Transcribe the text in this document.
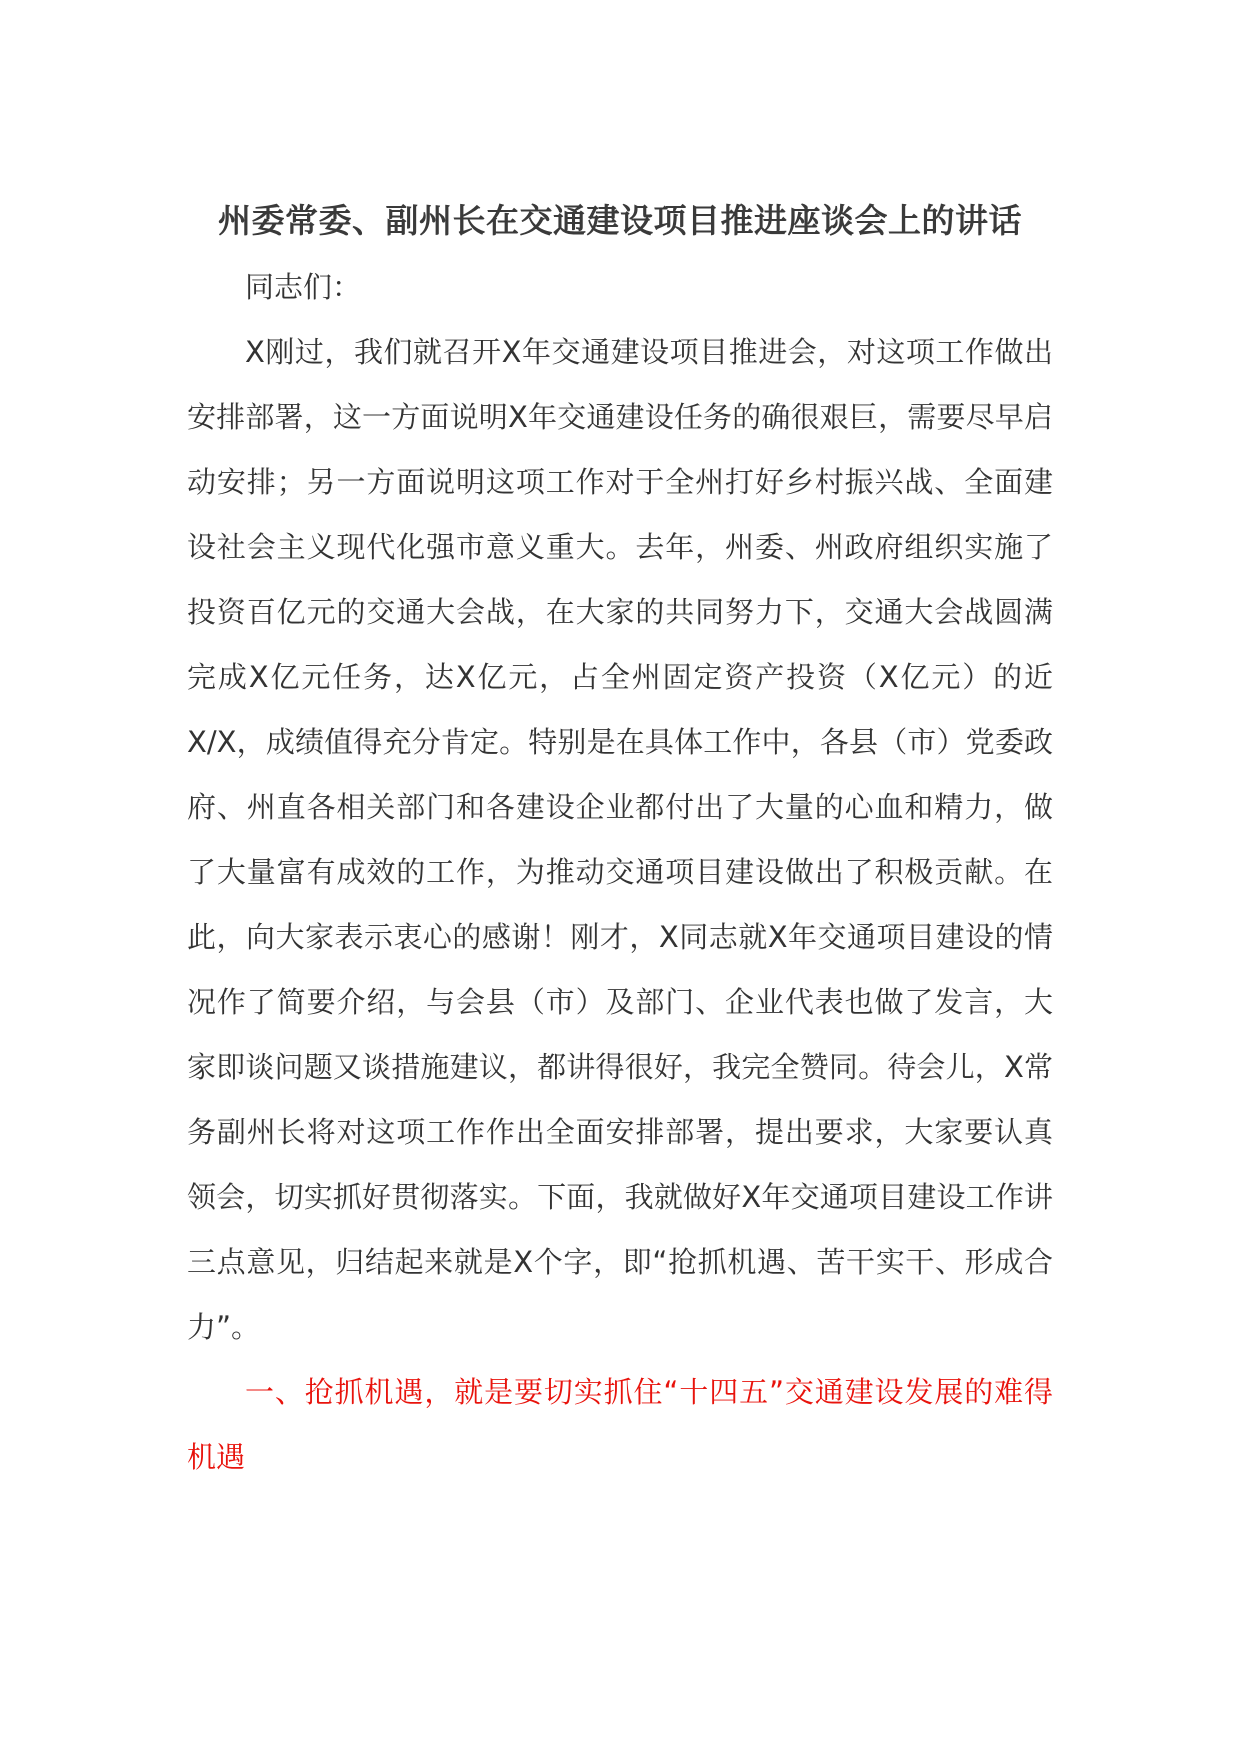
州委常委、副州长在交通建设项目推进座谈会上的讲话

同志们：

X刚过，我们就召开X年交通建设项目推进会，对这项工作做出安排部署，这一方面说明X年交通建设任务的确很艰巨，需要尽早启动安排；另一方面说明这项工作对于全州打好乡村振兴战、全面建设社会主义现代化强市意义重大。去年，州委、州政府组织实施了投资百亿元的交通大会战，在大家的共同努力下，交通大会战圆满完成X亿元任务，达X亿元，占全州固定资产投资（X亿元）的近X/X，成绩值得充分肯定。特别是在具体工作中，各县（市）党委政府、州直各相关部门和各建设企业都付出了大量的心血和精力，做了大量富有成效的工作，为推动交通项目建设做出了积极贡献。在此，向大家表示衷心的感谢！刚才，X同志就X年交通项目建设的情况作了简要介绍，与会县（市）及部门、企业代表也做了发言，大家即谈问题又谈措施建议，都讲得很好，我完全赞同。待会儿，X常务副州长将对这项工作作出全面安排部署，提出要求，大家要认真领会，切实抓好贯彻落实。下面，我就做好X年交通项目建设工作讲三点意见，归结起来就是X个字，即“抢抓机遇、苦干实干、形成合力”。

一、抢抓机遇，就是要切实抓住“十四五”交通建设发展的难得机遇
